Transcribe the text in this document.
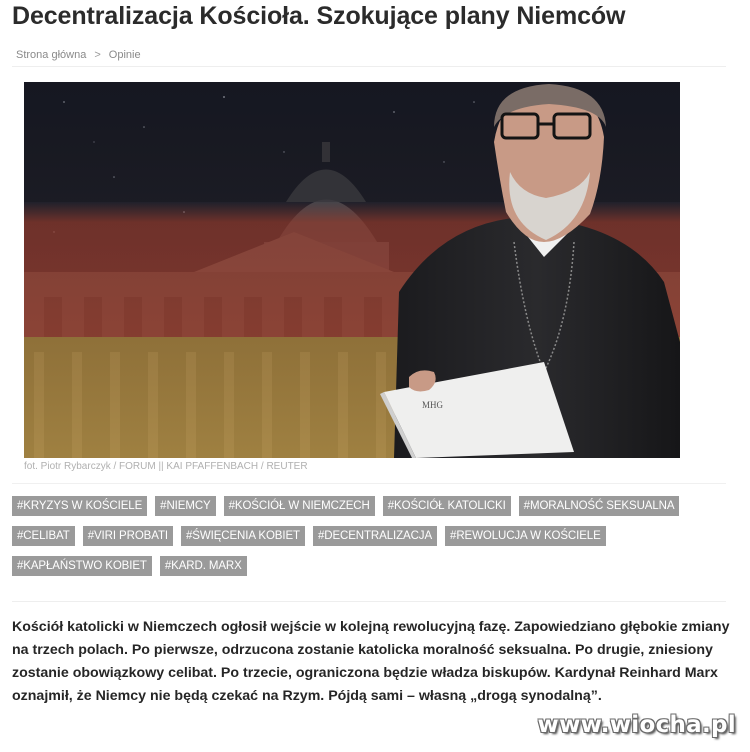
Decentralizacja Kościoła. Szokujące plany Niemców
Strona główna > Opinie
MHG
fot. Piotr Rybarczyk / FORUM || KAI PFAFFENBACH / REUTER
#KRYZYS W KOŚCIELE	#NIEMCY	#KOŚCIÓŁ W NIEMCZECH	#KOŚCIÓŁ KATOLICKI	#MORALNOŚĆ SEKSUALNA
#CELIBAT	#VIRI PROBATI	#ŚWIĘCENIA KOBIET	#DECENTRALIZACJA	#REWOLUCJA W KOŚCIELE
#KAPŁAŃSTWO KOBIET	#KARD. MARX
Kościół katolicki w Niemczech ogłosił wejście w kolejną rewolucyjną fazę. Zapowiedziano głębokie zmiany na trzech polach. Po pierwsze, odrzucona zostanie katolicka moralność seksualna. Po drugie, zniesiony zostanie obowiązkowy celibat. Po trzecie, ograniczona będzie władza biskupów. Kardynał Reinhard Marx oznajmił, że Niemcy nie będą czekać na Rzym. Pójdą sami – własną „drogą synodalną”.
www.wiocha.pl
